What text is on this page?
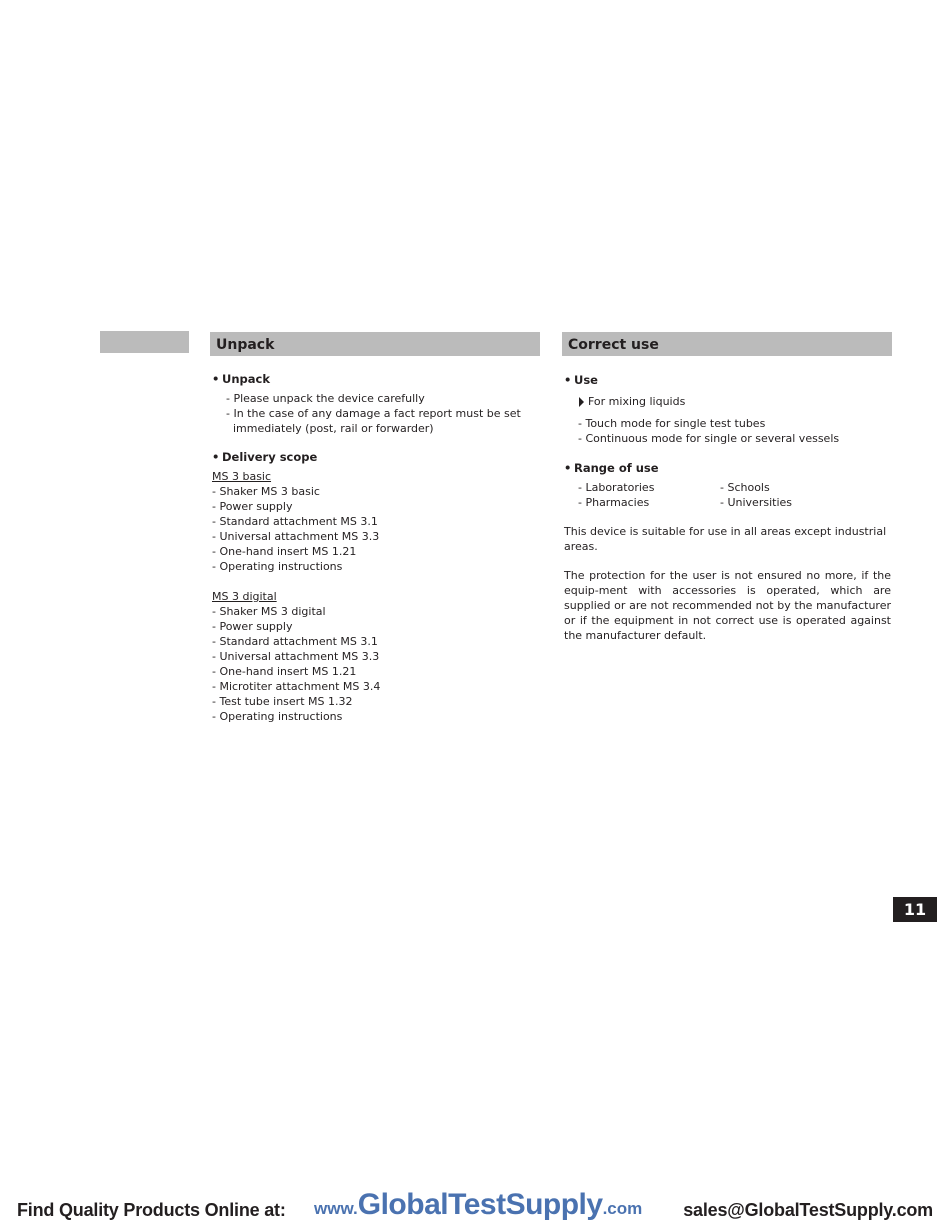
Unpack	Correct use
• Unpack
- Please unpack the device carefully
- In the case of any damage a fact report must be set immediately (post, rail or forwarder)
• Delivery scope
MS 3 basic
- Shaker MS 3 basic
- Power supply
- Standard attachment MS 3.1
- Universal attachment MS 3.3
- One-hand insert MS 1.21
- Operating instructions
MS 3 digital
- Shaker MS 3 digital
- Power supply
- Standard attachment MS 3.1
- Universal attachment MS 3.3
- One-hand insert MS 1.21
- Microtiter attachment MS 3.4
- Test tube insert MS 1.32
- Operating instructions
• Use
For mixing liquids
- Touch mode for single test tubes
- Continuous mode for single or several vessels
• Range of use
- Laboratories	- Schools
- Pharmacies	- Universities
This device is suitable for use in all areas except industrial areas.
The protection for the user is not ensured no more, if the equip-ment with accessories is operated, which are supplied or are not recommended not by the manufacturer or if the equipment in not correct use is operated against the manufacturer default.
11
Find Quality Products Online at: www.GlobalTestSupply.com sales@GlobalTestSupply.com
